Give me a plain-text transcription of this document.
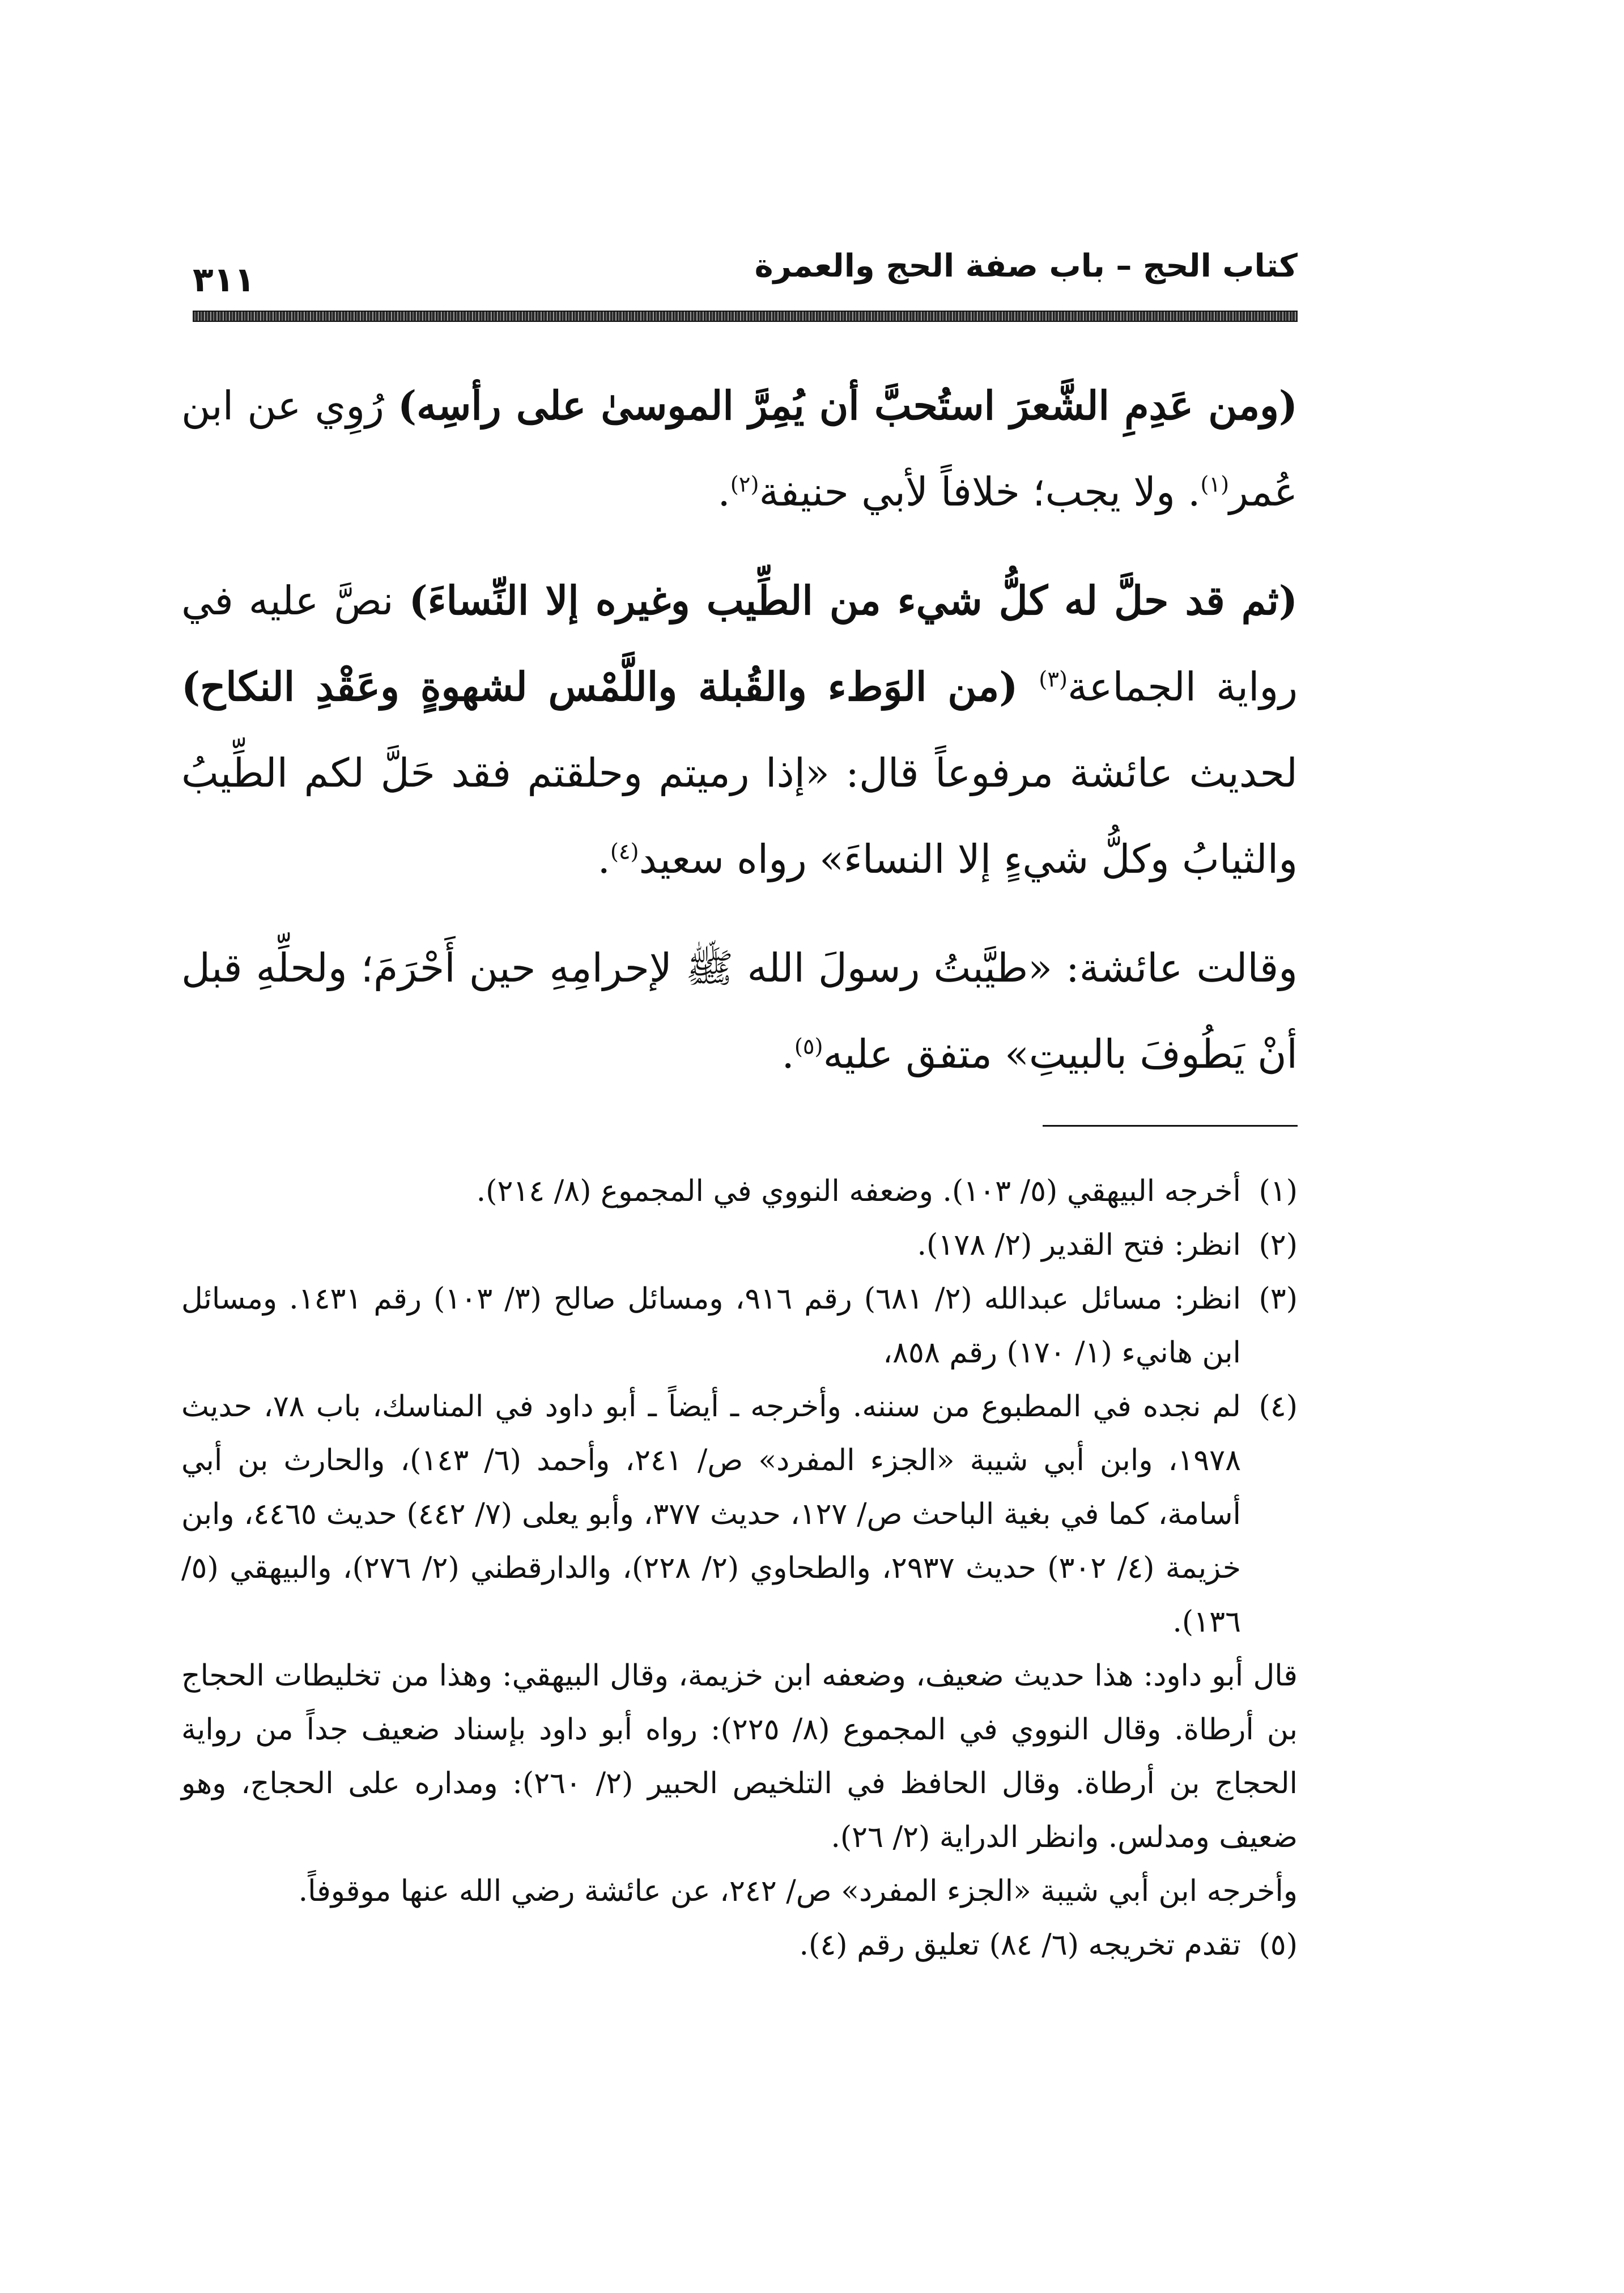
كتاب الحج – باب صفة الحج والعمرة
٣١١

(ومن عَدِمِ الشَّعرَ استُحبَّ أن يُمِرَّ الموسىٰ على رأسِه) رُوِي عن ابن عُمر$^{(١)}$. ولا يجب؛ خلافاً لأبي حنيفة$^{(٢)}$.

(ثم قد حلَّ له كلُّ شيء من الطِّيب وغيره إلا النِّساءَ) نصَّ عليه في رواية الجماعة$^{(٣)}$ (من الوَطء والقُبلة واللَّمْس لشهوةٍ وعَقْدِ النكاح) لحديث عائشة مرفوعاً قال: «إذا رميتم وحلقتم فقد حَلَّ لكم الطِّيبُ والثيابُ وكلُّ شيءٍ إلا النساءَ» رواه سعيد$^{(٤)}$.

وقالت عائشة: «طيَّبتُ رسولَ الله ﷺ لإحرامِهِ حين أَحْرَمَ؛ ولحلِّهِ قبل أنْ يَطُوفَ بالبيتِ» متفق عليه$^{(٥)}$.

(١)
أخرجه البيهقي (٥/ ١٠٣). وضعفه النووي في المجموع (٨/ ٢١٤).
(٢)
انظر: فتح القدير (٢/ ١٧٨).
(٣)
انظر: مسائل عبدالله (٢/ ٦٨١) رقم ٩١٦، ومسائل صالح (٣/ ١٠٣) رقم ١٤٣١. ومسائل ابن هانيء (١/ ١٧٠) رقم ٨٥٨،
(٤)
لم نجده في المطبوع من سننه. وأخرجه ـ أيضاً ـ أبو داود في المناسك، باب ٧٨، حديث ١٩٧٨، وابن أبي شيبة «الجزء المفرد» ص/ ٢٤١، وأحمد (٦/ ١٤٣)، والحارث بن أبي أسامة، كما في بغية الباحث ص/ ١٢٧، حديث ٣٧٧، وأبو يعلى (٧/ ٤٤٢) حديث ٤٤٦٥، وابن خزيمة (٤/ ٣٠٢) حديث ٢٩٣٧، والطحاوي (٢/ ٢٢٨)، والدارقطني (٢/ ٢٧٦)، والبيهقي (٥/ ١٣٦).

قال أبو داود: هذا حديث ضعيف، وضعفه ابن خزيمة، وقال البيهقي: وهذا من تخليطات الحجاج بن أرطاة. وقال النووي في المجموع (٨/ ٢٢٥): رواه أبو داود بإسناد ضعيف جداً من رواية الحجاج بن أرطاة. وقال الحافظ في التلخيص الحبير (٢/ ٢٦٠): ومداره على الحجاج، وهو ضعيف ومدلس. وانظر الدراية (٢/ ٢٦).

وأخرجه ابن أبي شيبة «الجزء المفرد» ص/ ٢٤٢، عن عائشة رضي الله عنها موقوفاً.

(٥)
تقدم تخريجه (٦/ ٨٤) تعليق رقم (٤).
